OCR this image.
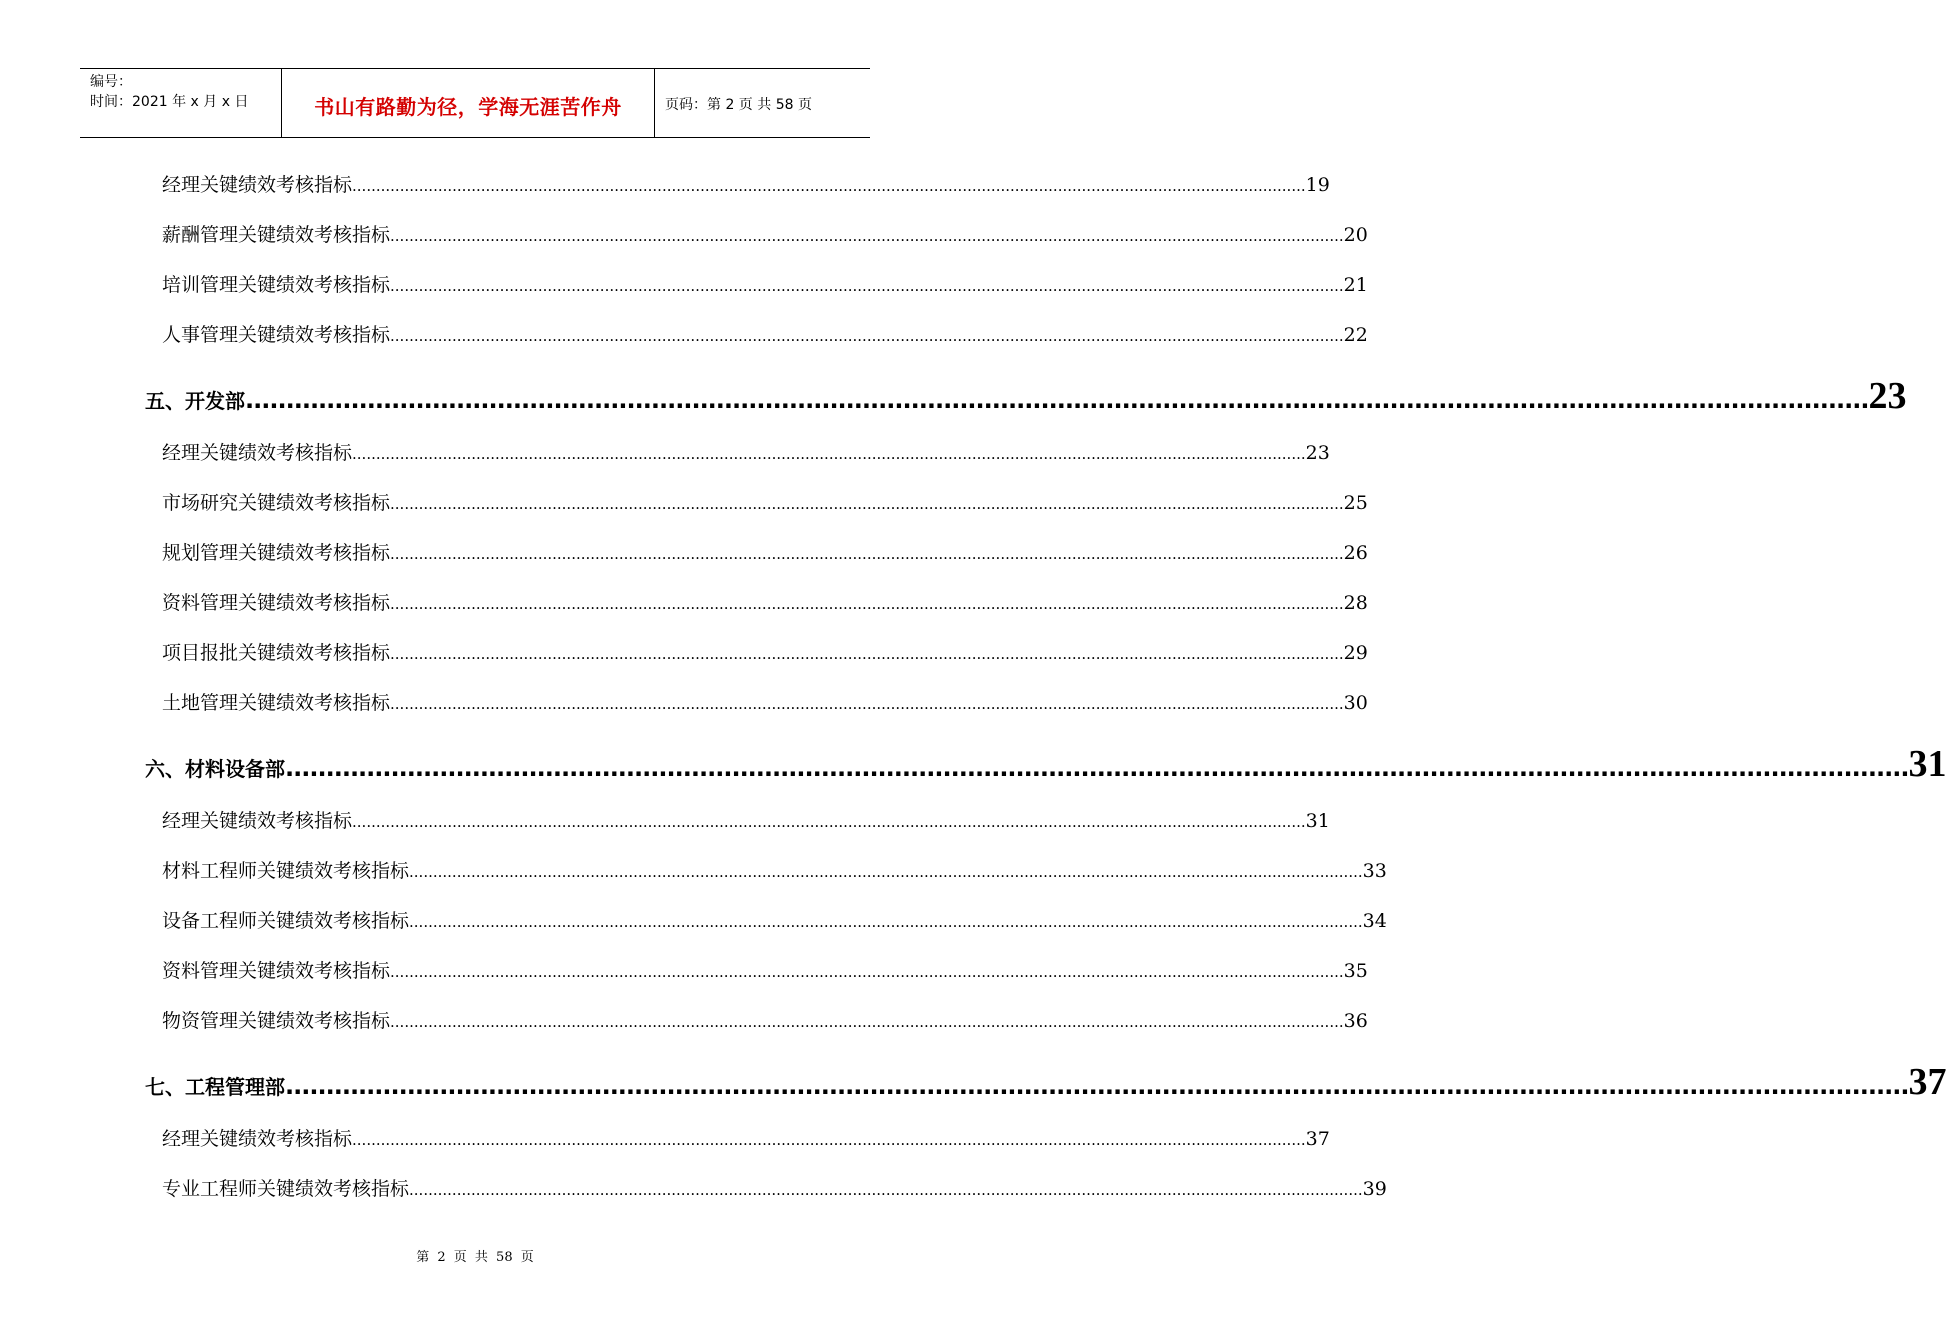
编号：
时间：2021 年 x 月 x 日	书山有路勤为径，学海无涯苦作舟	页码：第 2 页 共 58 页
经理关键绩效考核指标 ........................................................................................................................................................................................................ 19
薪酬管理关键绩效考核指标 ........................................................................................................................................................................................................ 20
培训管理关键绩效考核指标 ........................................................................................................................................................................................................ 21
人事管理关键绩效考核指标 ........................................................................................................................................................................................................ 22
五、开发部 ........................................................................................................................................................................................................ 23
经理关键绩效考核指标 ........................................................................................................................................................................................................ 23
市场研究关键绩效考核指标 ........................................................................................................................................................................................................ 25
规划管理关键绩效考核指标 ........................................................................................................................................................................................................ 26
资料管理关键绩效考核指标 ........................................................................................................................................................................................................ 28
项目报批关键绩效考核指标 ........................................................................................................................................................................................................ 29
土地管理关键绩效考核指标 ........................................................................................................................................................................................................ 30
六、材料设备部 ........................................................................................................................................................................................................ 31
经理关键绩效考核指标 ........................................................................................................................................................................................................ 31
材料工程师关键绩效考核指标 ........................................................................................................................................................................................................ 33
设备工程师关键绩效考核指标 ........................................................................................................................................................................................................ 34
资料管理关键绩效考核指标 ........................................................................................................................................................................................................ 35
物资管理关键绩效考核指标 ........................................................................................................................................................................................................ 36
七、工程管理部 ........................................................................................................................................................................................................ 37
经理关键绩效考核指标 ........................................................................................................................................................................................................ 37
专业工程师关键绩效考核指标 ........................................................................................................................................................................................................ 39
第 2 页 共 58 页
